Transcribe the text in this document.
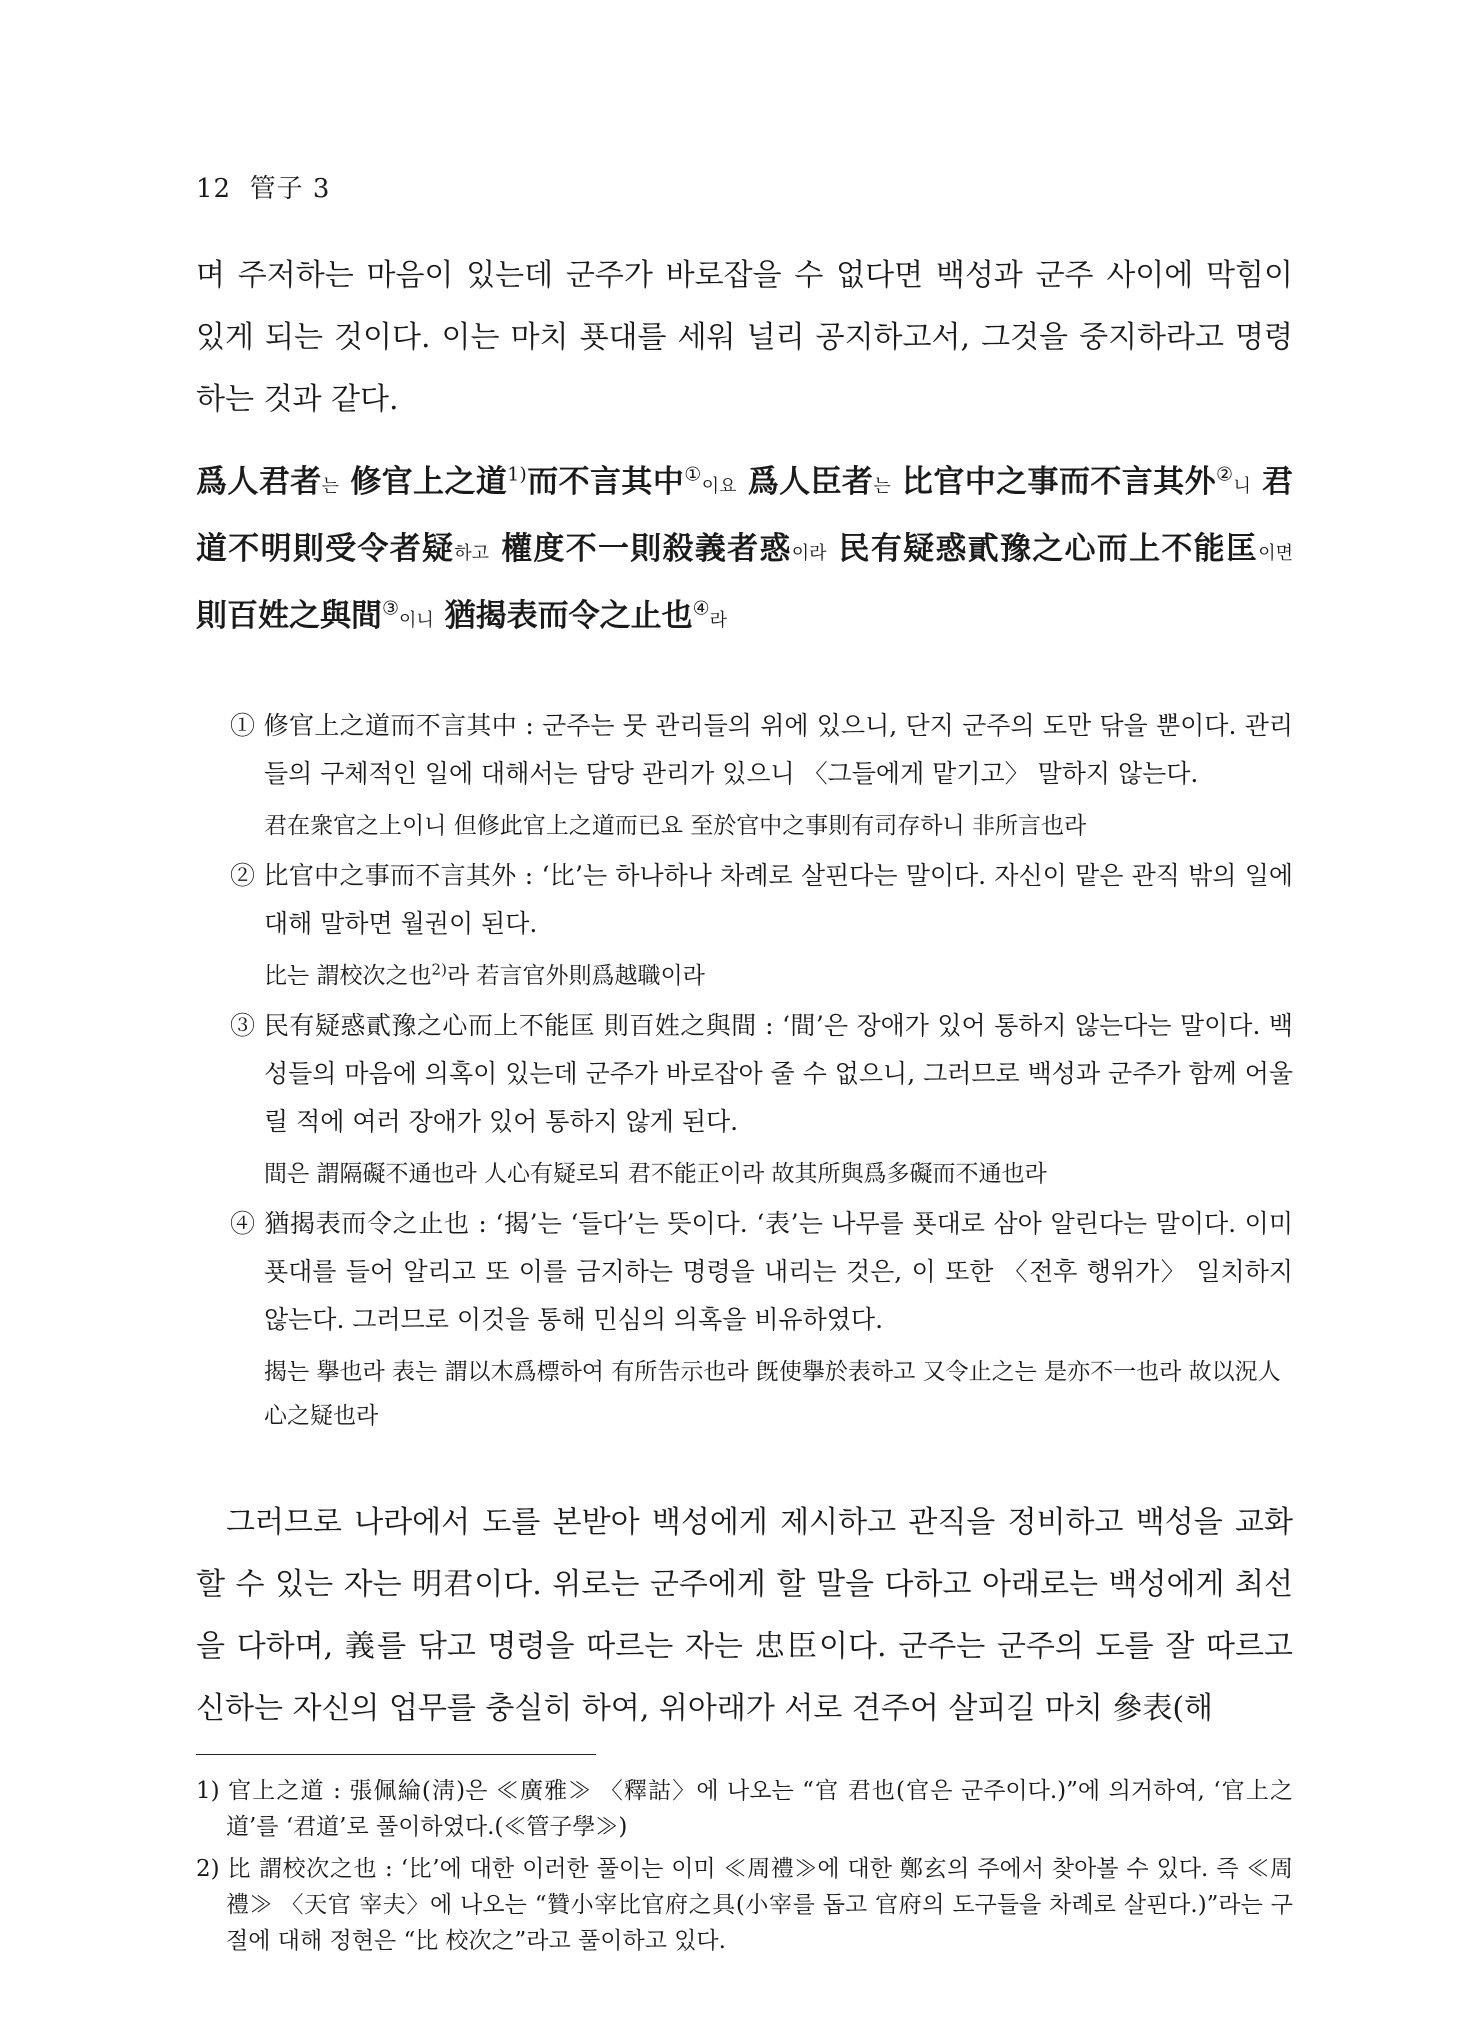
12 管子 3

며 주저하는 마음이 있는데 군주가 바로잡을 수 없다면 백성과 군주 사이에 막힘이 있게 되는 것이다. 이는 마치 푯대를 세워 널리 공지하고서, 그것을 중지하라고 명령하는 것과 같다.

爲人君者는 修官上之道$^{1)}$而不言其中①이요 爲人臣者는 比官中之事而不言其外②니 君道不明則受令者疑하고 權度不一則殺義者惑이라 民有疑惑貳豫之心而上不能匡이면 則百姓之與間③이니 猶揭表而令之止也④라

① 修官上之道而不言其中 : 군주는 뭇 관리들의 위에 있으니, 단지 군주의 도만 닦을 뿐이다. 관리들의 구체적인 일에 대해서는 담당 관리가 있으니 〈그들에게 맡기고〉 말하지 않는다.

君在衆官之上이니 但修此官上之道而已요 至於官中之事則有司存하니 非所言也라

② 比官中之事而不言其外 : ‘比’는 하나하나 차례로 살핀다는 말이다. 자신이 맡은 관직 밖의 일에 대해 말하면 월권이 된다.

比는 謂校次之也$^{2)}$라 若言官外則爲越職이라

③ 民有疑惑貳豫之心而上不能匡 則百姓之與間 : ‘間’은 장애가 있어 통하지 않는다는 말이다. 백성들의 마음에 의혹이 있는데 군주가 바로잡아 줄 수 없으니, 그러므로 백성과 군주가 함께 어울릴 적에 여러 장애가 있어 통하지 않게 된다.

間은 謂隔礙不通也라 人心有疑로되 君不能正이라 故其所與爲多礙而不通也라

④ 猶揭表而令之止也 : ‘揭’는 ‘들다’는 뜻이다. ‘表’는 나무를 푯대로 삼아 알린다는 말이다. 이미 푯대를 들어 알리고 또 이를 금지하는 명령을 내리는 것은, 이 또한 〈전후 행위가〉 일치하지 않는다. 그러므로 이것을 통해 민심의 의혹을 비유하였다.

揭는 擧也라 表는 謂以木爲標하여 有所告示也라 旣使擧於表하고 又令止之는 是亦不一也라 故以況人心之疑也라

그러므로 나라에서 도를 본받아 백성에게 제시하고 관직을 정비하고 백성을 교화할 수 있는 자는 明君이다. 위로는 군주에게 할 말을 다하고 아래로는 백성에게 최선을 다하며, 義를 닦고 명령을 따르는 자는 忠臣이다. 군주는 군주의 도를 잘 따르고 신하는 자신의 업무를 충실히 하여, 위아래가 서로 견주어 살피길 마치 參表(해

1) 官上之道 : 張佩綸(淸)은 ≪廣雅≫ 〈釋詁〉에 나오는 “官 君也(官은 군주이다.)”에 의거하여, ‘官上之道’를 ‘君道’로 풀이하였다.(≪管子學≫)

2) 比 謂校次之也 : ‘比’에 대한 이러한 풀이는 이미 ≪周禮≫에 대한 鄭玄의 주에서 찾아볼 수 있다. 즉 ≪周禮≫ 〈天官 宰夫〉에 나오는 “贊小宰比官府之具(小宰를 돕고 官府의 도구들을 차례로 살핀다.)”라는 구절에 대해 정현은 “比 校次之”라고 풀이하고 있다.
